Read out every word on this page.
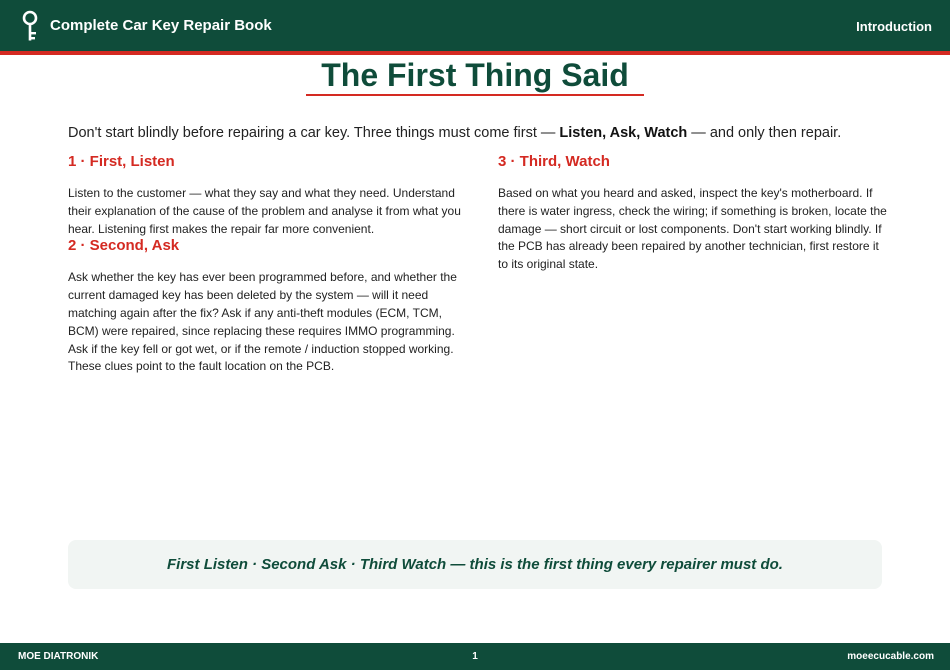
Complete Car Key Repair Book	Introduction
The First Thing Said
Don't start blindly before repairing a car key. Three things must come first — Listen, Ask, Watch — and only then repair.
1 · First, Listen

Listen to the customer — what they say and what they need. Understand their explanation of the cause of the problem and analyse it from what you hear. Listening first makes the repair far more convenient.

2 · Second, Ask

Ask whether the key has ever been programmed before, and whether the current damaged key has been deleted by the system — will it need matching again after the fix? Ask if any anti-theft modules (ECM, TCM, BCM) were repaired, since replacing these requires IMMO programming. Ask if the key fell or got wet, or if the remote / induction stopped working. These clues point to the fault location on the PCB.

3 · Third, Watch

Based on what you heard and asked, inspect the key's motherboard. If there is water ingress, check the wiring; if something is broken, locate the damage — short circuit or lost components. Don't start working blindly. If the PCB has already been repaired by another technician, first restore it to its original state.

First Listen · Second Ask · Third Watch — this is the first thing every repairer must do.
MOE DIATRONIK	1	moeecucable.com
